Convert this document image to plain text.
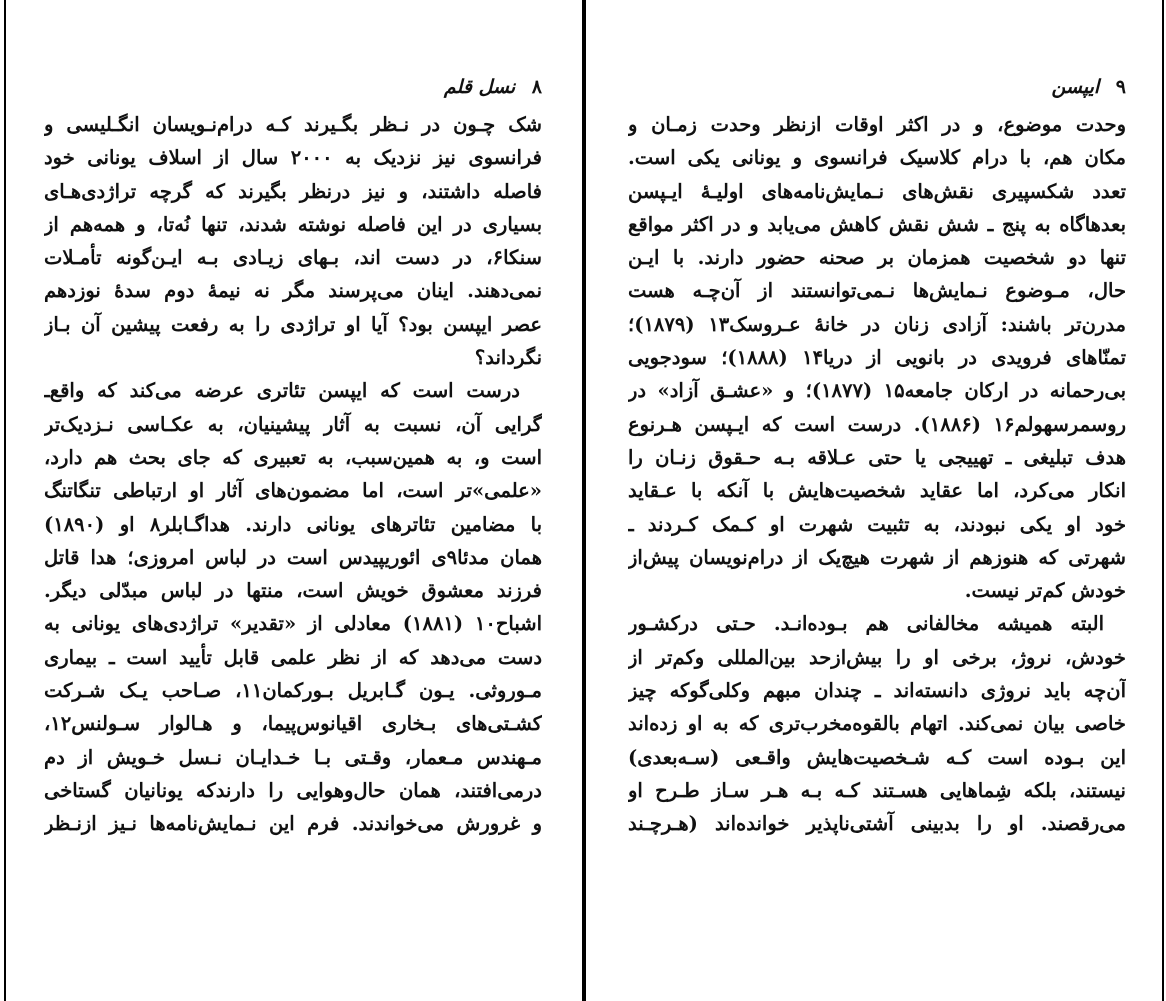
۸ نسل قلم
شک چـون در نـظر بگـیرند کـه درام‌نـویسان انگـلیسی و
فرانسوی نیز نزدیک به ۲۰۰۰ سال از اسلاف یونانی خود
فاصله داشتند، و نیز درنظر بگیرند که گرچه تراژدی‌هـای
بسیاری در این فاصله نوشته شدند، تنها نُه‌تا، و همه‌هم از
سنکا۶، در دست اند، بـهای زیـادی بـه ایـن‌گونه تأمـلات
نمی‌دهند. اینان می‌پرسند مگر نه نیمهٔ دوم سدهٔ نوزدهم
عصر ایپسن بود؟ آیا او تراژدی را به رفعت پیشین آن بـاز
نگرداند؟
درست است که ایپسن تئاتری عرضه می‌کند که واقع‌ـ
گرایی آن، نسبت به آثار پیشینیان، به عکـاسی نـزدیک‌تر
است و، به همین‌سبب، به تعبیری که جای بحث هم دارد،
«علمی»تر است، اما مضمون‌های آثار او ارتباطی تنگاتنگ
با مضامین تئاترهای یونانی دارند. هداگـابلر۸ او (۱۸۹۰)
همان مدئا۹ی ائوریپیدس است در لباس امروزی؛ هدا قاتل
فرزند معشوق خویش است، منتها در لباس مبدّلی دیگر.
اشباح۱۰ (۱۸۸۱) معادلی از «تقدیر» تراژدی‌های یونانی به
دست می‌دهد که از نظر علمی قابل تأیید است ـ بیماری
مـوروثی. یـون گـابریل بـورکمان۱۱، صـاحب یـک شـرکت
کشـتی‌های بـخاری اقیانوس‌پیما، و هـالوار سـولنس۱۲،
مـهندس مـعمار، وقـتی بـا خـدایـان نـسل خـویش از دم
درمی‌افتند، همان حال‌وهوایی را دارندکه یونانیان گستاخی
و غرورش می‌خواندند. فرم این نـمایش‌نامه‌ها نـیز ازنـظر
۹ ایپسن
وحدت موضوع، و در اکثر اوقات ازنظر وحدت زمـان و
مکان هم، با درام کلاسیک فرانسوی و یونانی یکی است.
تعدد شکسپیری نقش‌های نـمایش‌نامه‌های اولیـهٔ ایـپسن
بعدهاگاه به پنج ـ شش نقش کاهش می‌یابد و در اکثر مواقع
تنها دو شخصیت همزمان بر صحنه حضور دارند. با ایـن
حال، مـوضوع نـمایش‌ها نـمی‌توانستند از آن‌چـه هست
مدرن‌تر باشند: آزادی زنان در خانهٔ عـروسک۱۳ (۱۸۷۹)؛
تمنّاهای فرویدی در بانویی از دریا۱۴ (۱۸۸۸)؛ سودجویی
بی‌رحمانه در ارکان جامعه۱۵ (۱۸۷۷)؛ و «عشـق آزاد» در
روسمرسهولم۱۶ (۱۸۸۶). درست است که ایـپسن هـرنوع
هدف تبلیغی ـ تهییجی یا حتی عـلاقه بـه حـقوق زنـان را
انکار می‌کرد، اما عقاید شخصیت‌هایش با آنکه با عـقاید
خود او یکی نبودند، به تثبیت شهرت او کـمک کـردند ـ
شهرتی که هنوزهم از شهرت هیچ‌یک از درام‌نویسان پیش‌از
خودش کم‌تر نیست.
البته همیشه مخالفانی هم بـوده‌انـد. حـتی درکشـور
خودش، نروژ، برخی او را بیش‌ازحد بین‌المللی وکم‌تر از
آن‌چه باید نروژی دانسته‌اند ـ چندان مبهم وکلی‌گوکه چیز
خاصی بیان نمی‌کند. اتهام بالقوه‌مخرب‌تری که به او زده‌اند
این بـوده است کـه شـخصیت‌هایش واقـعی (سـه‌بعدی)
نیستند، بلکه شِماهایی هسـتند کـه بـه هـر سـاز طـرح او
می‌رقصند. او را بدبینی آشتی‌ناپذیر خوانده‌اند (هـرچـند
